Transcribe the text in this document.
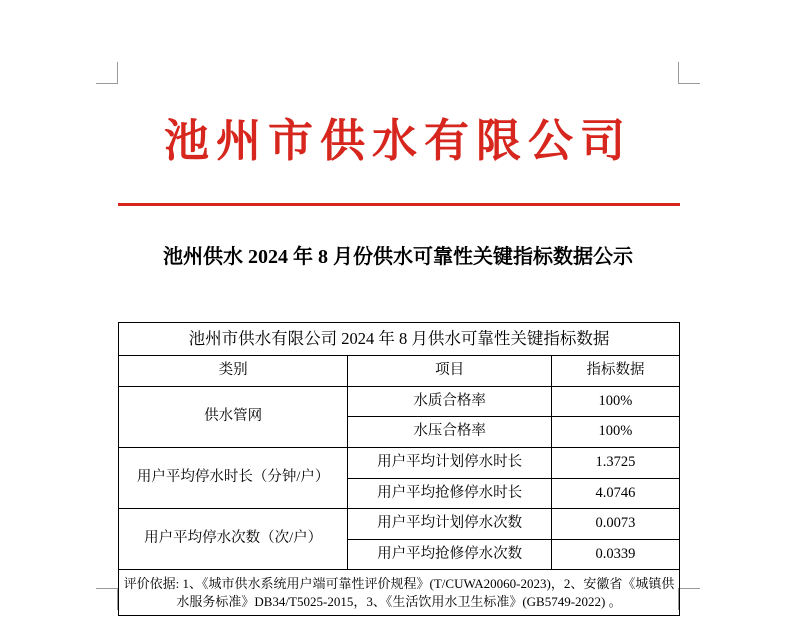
池州市供水有限公司
池州供水 2024 年 8 月份供水可靠性关键指标数据公示
池州市供水有限公司 2024 年 8 月供水可靠性关键指标数据		
类别	项目	指标数据
供水管网	水质合格率	100%
	水压合格率	100%
用户平均停水时长（分钟/户）	用户平均计划停水时长	1.3725
	用户平均抢修停水时长	4.0746
用户平均停水次数（次/户）	用户平均计划停水次数	0.0073
	用户平均抢修停水次数	0.0339
评价依据: 1、《城市供水系统用户端可靠性评价规程》(T/CUWA20060-2023)，2、安徽省《城镇供水服务标准》DB34/T5025-2015，3、《生活饮用水卫生标准》(GB5749-2022) 。		
